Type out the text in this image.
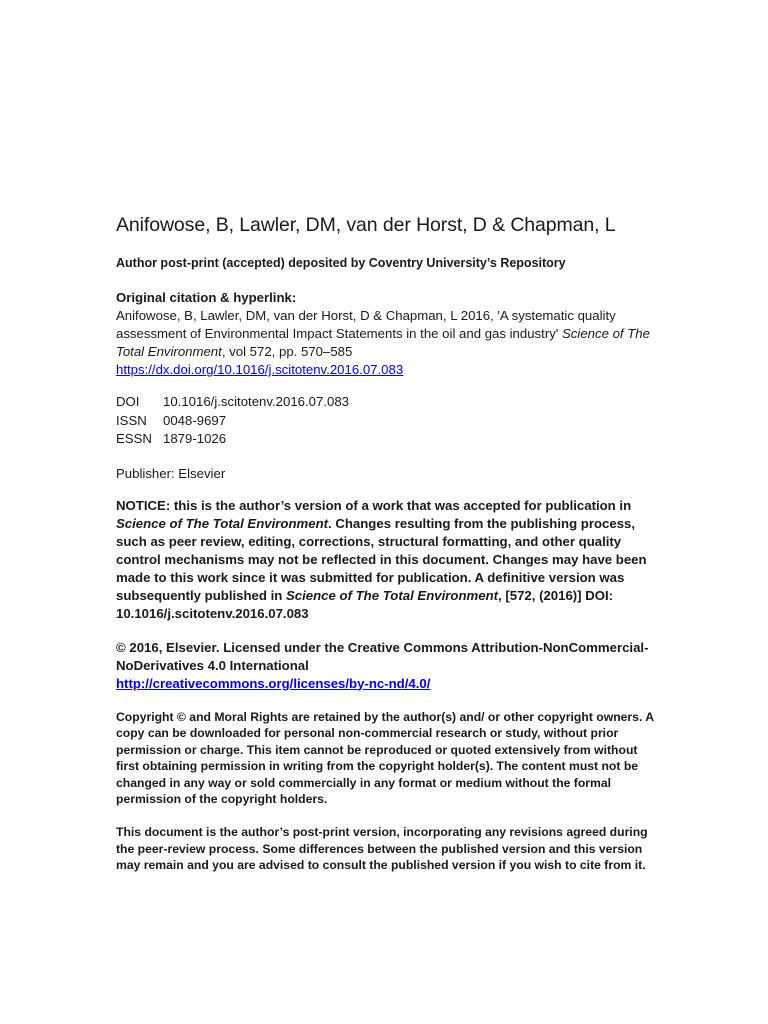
Anifowose, B, Lawler, DM, van der Horst, D & Chapman, L
Author post-print (accepted) deposited by Coventry University’s Repository
Original citation & hyperlink:
Anifowose, B, Lawler, DM, van der Horst, D & Chapman, L 2016, 'A systematic quality assessment of Environmental Impact Statements in the oil and gas industry' Science of The Total Environment, vol 572, pp. 570–585
https://dx.doi.org/10.1016/j.scitotenv.2016.07.083
DOI	10.1016/j.scitotenv.2016.07.083
ISSN	0048-9697
ESSN 1879-1026
Publisher: Elsevier
NOTICE: this is the author’s version of a work that was accepted for publication in Science of The Total Environment. Changes resulting from the publishing process, such as peer review, editing, corrections, structural formatting, and other quality control mechanisms may not be reflected in this document. Changes may have been made to this work since it was submitted for publication. A definitive version was subsequently published in Science of The Total Environment, [572, (2016)] DOI: 10.1016/j.scitotenv.2016.07.083
© 2016, Elsevier. Licensed under the Creative Commons Attribution-NonCommercial-NoDerivatives 4.0 International
http://creativecommons.org/licenses/by-nc-nd/4.0/
Copyright © and Moral Rights are retained by the author(s) and/ or other copyright owners. A copy can be downloaded for personal non-commercial research or study, without prior permission or charge. This item cannot be reproduced or quoted extensively from without first obtaining permission in writing from the copyright holder(s). The content must not be changed in any way or sold commercially in any format or medium without the formal permission of the copyright holders.
This document is the author’s post-print version, incorporating any revisions agreed during the peer-review process. Some differences between the published version and this version may remain and you are advised to consult the published version if you wish to cite from it.
